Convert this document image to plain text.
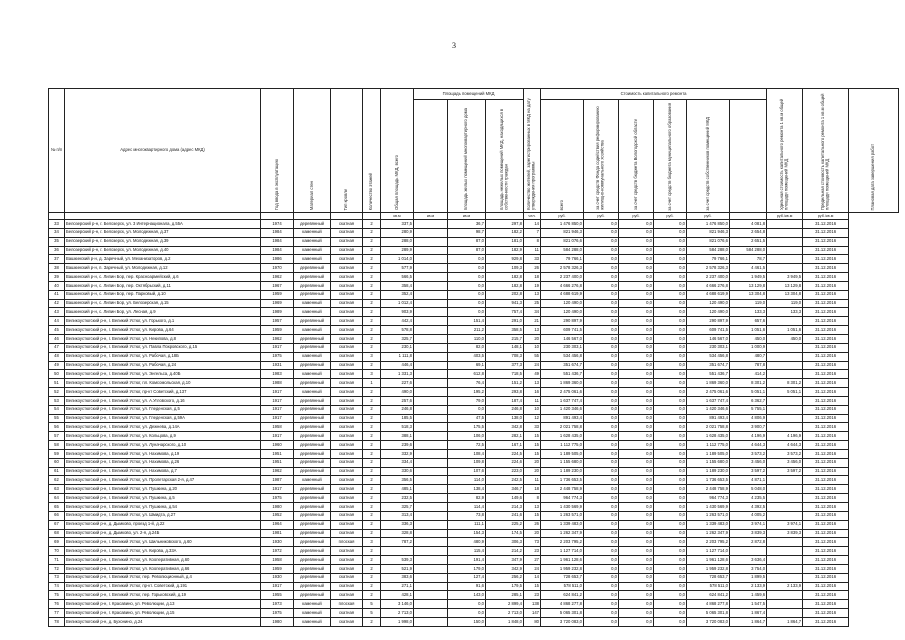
3
№ п/п	Адрес многоквартирного дома (адрес МКД)	Год ввода в эксплуатацию	Материал стен	Тип кровли	Количество этажей	Общая площадь МКД, всего	Площадь помещений МКД			Количество жителей, зарегистрированных в МКД на дату утверждения программы	Стоимость капитального ремонта						Удельная стоимость капитального ремонта 1 кв.м общей площади помещений МКД	Предельная стоимость капитального ремонта 1 кв.м общей площади помещений МКД	Плановая дата завершения работ
								площадь жилых помещений многоквартирного дома	площадь нежилых помещений МКД, находящихся в собственности граждан		всего	за счет средств Фонда содействия реформированию жилищно-коммунального хозяйства	за счет средств бюджета Вологодской области	за счет средств бюджета муниципального образования	за счет средств собственников помещений МКД				
						кв.м	кв.м	кв.м		чел.	руб.	руб.	руб.	руб.	руб.		руб./кв.м	руб./кв.м	
33	Белозерский р-н, г. Белозерск, ул. 3 Интернационала, д.55А	1974	деревянный	скатная	2	337,5		36,7	297,8	14	1 476 850,0	0,0	0,0	0,0	1 476 850,0	4 081,8		31.12.2016	
34	Белозерский р-н, г. Белозерск, ул. Молодежная, д.37	1984	каменный	скатная	2	280,9		98,7	182,2	7	821 946,3	0,0	0,0	0,0	821 946,3	2 654,8		31.12.2016	
35	Белозерский р-н, г. Белозерск, ул. Молодежная, д.39	1984	каменный	скатная	2	288,0		87,0	181,0	8	821 076,6	0,0	0,0	0,0	821 076,6	2 651,5		31.12.2016	
36	Белозерский р-н, г. Белозерск, ул. Молодежная, д.40	1984	каменный	скатная	2	289,9		87,0	182,9	11	584 288,0	0,0	0,0	0,0	584 288,0	584 288,0		31.12.2016	
37	Вашкинский р-н, д. Заречный, ул. Механизаторов, д.2	1986	каменный	скатная	2	1 014,0		0,0	929,8	33	79 766,1	0,0	0,0	0,0	79 766,1	78,7		31.12.2016	
38	Вашкинский р-н, п. Заречный, ул. Молодежная, д.12	1970	деревянный	скатная	2	577,9		0,0	109,3	26	2 578 326,3	0,0	0,0	0,0	2 578 326,3	4 461,5		31.12.2016	
39	Вашкинский р-н, с. Липин Бор, пер. Красноармейский, д.6	1962	деревянный	скатная	2	566,5		0,0	182,8	18	2 237 400,0	0,0	0,0	0,0	2 237 400,0	1 949,5	3 949,5	31.12.2016	
40	Вашкинский р-н, с. Липин Бор, пер. Октябрьский, д.11	1967	деревянный	скатная	2	358,4		0,0	182,8	19	4 666 276,8	0,0	0,0	0,0	4 666 276,8	13 129,8	13 129,8	31.12.2016	
41	Вашкинский р-н, с. Липин Бор, пер. Парковый, д.10	1959	деревянный	скатная	2	352,4		0,0	202,8	13	4 688 619,9	0,0	0,0	0,0	4 688 619,9	13 304,8	13 304,8	31.12.2016	
42	Вашкинский р-н, с. Липин Бор, ул. Белозерская, д.15	1969	каменный	скатная	2	1 012,4		0,0	941,3	25	120 490,0	0,0	0,0	0,0	120 490,0	119,0	119,0	31.12.2016	
43	Вашкинский р-н, с. Липин Бор, ул. Лесная, д.9	1989	каменный	скатная	2	903,9		0,0	757,4	34	120 490,0	0,0	0,0	0,0	120 490,0	133,3	133,3	31.12.2016	
44	Великоустюгский р-н, г. Великий Устюг, ул. Горького, д.1	1957	деревянный	скатная	2	442,4		151,4	291,0	21	290 897,9	0,0	0,0	0,0	290 897,9	657,6		31.12.2016	
45	Великоустюгский р-н, г. Великий Устюг, ул. Кирова, д.64	1959	каменный	скатная	2	578,8		211,2	358,5	13	609 741,5	0,0	0,0	0,0	609 741,5	1 051,6	1 051,6	31.12.2016	
46	Великоустюгский р-н, г. Великий Устюг, ул. Некипова, д.8	1962	деревянный	скатная	2	325,7		110,0	215,7	20	146 567,0	0,0	0,0	0,0	146 567,0	450,0	450,0	31.12.2016	
47	Великоустюгский р-н, г. Великий Устюг, ул. Павла Покровского, д.15	1917	деревянный	скатная	2	230,1		82,0	148,1	10	230 303,1	0,0	0,0	0,0	230 303,1	1 000,9		31.12.2016	
48	Великоустюгский р-н, г. Великий Устюг, ул. Рабочая, д.18Б	1975	каменный	скатная	3	1 111,8		403,5	708,3	55	534 456,8	0,0	0,0	0,0	534 456,8	480,7		31.12.2016	
49	Великоустюгский р-н, г. Великий Устюг, ул. Рабочая, д.24	1931	деревянный	скатная	2	446,4		69,1	377,3	24	351 674,7	0,0	0,0	0,0	351 674,7	787,8		31.12.2016	
50	Великоустюгский р-н, г. Великий Устюг, ул. Энгельса, д.40Б	1983	каменный	скатная	3	1 331,3		612,8	718,5	49	551 436,7	0,0	0,0	0,0	551 436,7	414,2		31.12.2016	
51	Великоустюгский р-н, г. Великий Устюг, пл. Комсомольская, д.10	1988	деревянный	скатная	1	227,6		76,4	151,2	13	1 869 360,0	0,0	0,0	0,0	1 869 360,0	8 301,2	8 301,2	31.12.2016	
52	Великоустюгский р-н, г. Великий Устюг, пр-кт Советский, д.137	1917	каменный	скатная	2	490,0		195,2	293,8	16	2 475 061,6	0,0	0,0	0,0	2 475 061,6	5 051,1	5 051,1	31.12.2016	
53	Великоустюгский р-н, г. Великий Устюг, ул. А.Угловского, д.16	1917	деревянный	скатная	2	257,6		79,0	187,4	11	1 637 747,4	0,0	0,0	0,0	1 637 747,4	6 362,7		31.12.2016	
54	Великоустюгский р-н, г. Великий Устюг, ул. Гледенская, д.5	1917	деревянный	скатная	2	246,8		0,0	246,8	10	1 420 346,6	0,0	0,0	0,0	1 420 346,6	5 755,1		31.12.2016	
55	Великоустюгский р-н, г. Великий Устюг, ул. Гледенская, д.59А	1917	деревянный	скатная	2	185,5		47,5	138,0	12	891 493,4	0,0	0,0	0,0	891 493,4	4 806,9		31.12.2016	
56	Великоустюгский р-н, г. Великий Устюг, ул. Дежнева, д.14А	1958	деревянный	скатная	2	518,3		175,5	342,8	33	2 021 758,8	0,0	0,0	0,0	2 021 758,8	3 900,7		31.12.2016	
57	Великоустюгский р-н, г. Великий Устюг, ул. Кольцова, д.9	1917	деревянный	скатная	2	388,1		106,0	282,1	15	1 628 435,0	0,0	0,0	0,0	1 628 435,0	4 196,9	4 196,9	31.12.2016	
58	Великоустюгский р-н, г. Великий Устюг, ул. Луначарского, д.10	1960	деревянный	скатная	2	239,6		72,5	167,1	15	1 112 775,0	0,0	0,0	0,0	1 112 775,0	4 644,3	4 644,3	31.12.2016	
59	Великоустюгский р-н, г. Великий Устюг, ул. Нахимова, д.19	1951	деревянный	скатная	2	332,9		108,4	224,5	15	1 189 505,0	0,0	0,0	0,0	1 189 505,0	3 573,2	3 573,2	31.12.2016	
60	Великоустюгский р-н, г. Великий Устюг, ул. Нахимова, д.26	1951	деревянный	скатная	2	334,4		109,8	224,6	20	1 155 680,0	0,0	0,0	0,0	1 155 680,0	3 456,0	3 456,0	31.12.2016	
61	Великоустюгский р-н, г. Великий Устюг, ул. Нахимова, д.7	1962	деревянный	скатная	2	330,6		107,6	223,0	20	1 189 230,0	0,0	0,0	0,0	1 189 230,0	3 597,2	3 597,2	31.12.2016	
62	Великоустюгский р-н, г. Великий Устюг, ул. Пролетарская 2-я, д.47	1987	каменный	скатная	2	356,5		114,0	242,5	11	1 736 653,5	0,0	0,0	0,0	1 736 653,5	4 871,1		31.12.2016	
63	Великоустюгский р-н, г. Великий Устюг, ул. Пушкина, д.20	1917	деревянный	скатная	2	485,1		138,4	346,7	18	2 448 758,9	0,0	0,0	0,0	2 448 758,9	5 048,0		31.12.2016	
64	Великоустюгский р-н, г. Великий Устюг, ул. Пушкина, д.5	1975	деревянный	скатная	2	232,5		82,9	149,6	8	964 774,3	0,0	0,0	0,0	964 774,3	4 235,5		31.12.2016	
65	Великоустюгский р-н, г. Великий Устюг, ул. Пушкина, д.54	1980	деревянный	скатная	2	325,7		114,4	214,3	13	1 430 569,9	0,0	0,0	0,0	1 430 569,9	4 392,5		31.12.2016	
66	Великоустюгский р-н, г. Великий Устюг, ул. Шмидта, д.27	1952	деревянный	скатная	2	313,4		73,8	241,6	15	1 263 571,0	0,0	0,0	0,0	1 263 571,0	4 005,2		31.12.2016	
67	Великоустюгский р-н, д. Дымково, проезд 1-й, д.22	1964	деревянный	скатная	2	336,3		111,1	225,2	26	1 339 483,0	0,0	0,0	0,0	1 339 483,0	3 974,1	3 974,1	31.12.2016	
68	Великоустюгский р-н, д. Дымково, ул. 2-я, д.24Б	1981	деревянный	скатная	2	328,8		154,3	174,5	20	1 262 347,9	0,0	0,0	0,0	1 262 347,9	3 839,3	3 839,3	31.12.2016	
69	Великоустюгский р-н, г. Великий Устюг, ул. Шильниковского, д.60	1930	деревянный	плоская	3	787,2		480,9	306,3	73	2 203 795,2	0,0	0,0	0,0	2 203 795,2	2 872,8		31.12.2016	
70	Великоустюгский р-н, г. Великий Устюг, ул. Кирова, д.33А	1972	деревянный	скатная	2			115,4	214,2	23	1 127 714,0	0,0	0,0	0,0	1 127 714,0			31.12.2016	
71	Великоустюгский р-н, г. Великий Устюг, ул. Кооперативная, д.60	1958	деревянный	скатная	2	539,3		191,4	347,9	27	1 961 128,6	0,0	0,0	0,0	1 961 128,6	3 636,4		31.12.2016	
72	Великоустюгский р-н, г. Великий Устюг, ул. Кооперативная, д.66	1959	деревянный	скатная	2	521,9		179,0	342,9	24	1 959 232,8	0,0	0,0	0,0	1 959 232,8	3 754,0		31.12.2016	
73	Великоустюгский р-н, г. Великий Устюг, пер. Революционный, д.4	1930	деревянный	скатная	2	383,6		127,4	256,2	14	728 653,7	0,0	0,0	0,0	728 653,7	1 899,5		31.12.2016	
74	Великоустюгский р-н, г. Великий Устюг, пр-кт. Советский, д.191	1917	деревянный	скатная	2	271,1		91,6	179,5	15	578 511,0	0,0	0,0	0,0	578 511,0	2 133,9	2 133,9	31.12.2016	
75	Великоустюгский р-н, г. Великий Устюг, пер. Горьковский, д.19	1955	деревянный	скатная	2	428,1		143,0	285,1	23	624 841,2	0,0	0,0	0,0	624 841,2	1 459,6		31.12.2016	
76	Великоустюгский р-н, г. Красавино, ул. Революции, д.13	1973	каменный	плоская	5	3 146,0		0,0	2 899,4	138	4 868 277,8	0,0	0,0	0,0	4 868 277,8	1 547,5		31.12.2016	
77	Великоустюгский р-н, г. Красавино, ул. Революции, д.15	1975	каменный	скатная	5	2 713,0		0,0	2 713,0	147	5 065 301,8	0,0	0,0	0,0	5 065 301,8	1 867,4		31.12.2016	
78	Великоустюгский р-н, д. Бухонино, д.24	1980	каменный	скатная	2	1 998,0		150,0	1 848,0	80	3 720 083,0	0,0	0,0	0,0	3 720 083,0	1 864,7	1 864,7	31.12.2016	
